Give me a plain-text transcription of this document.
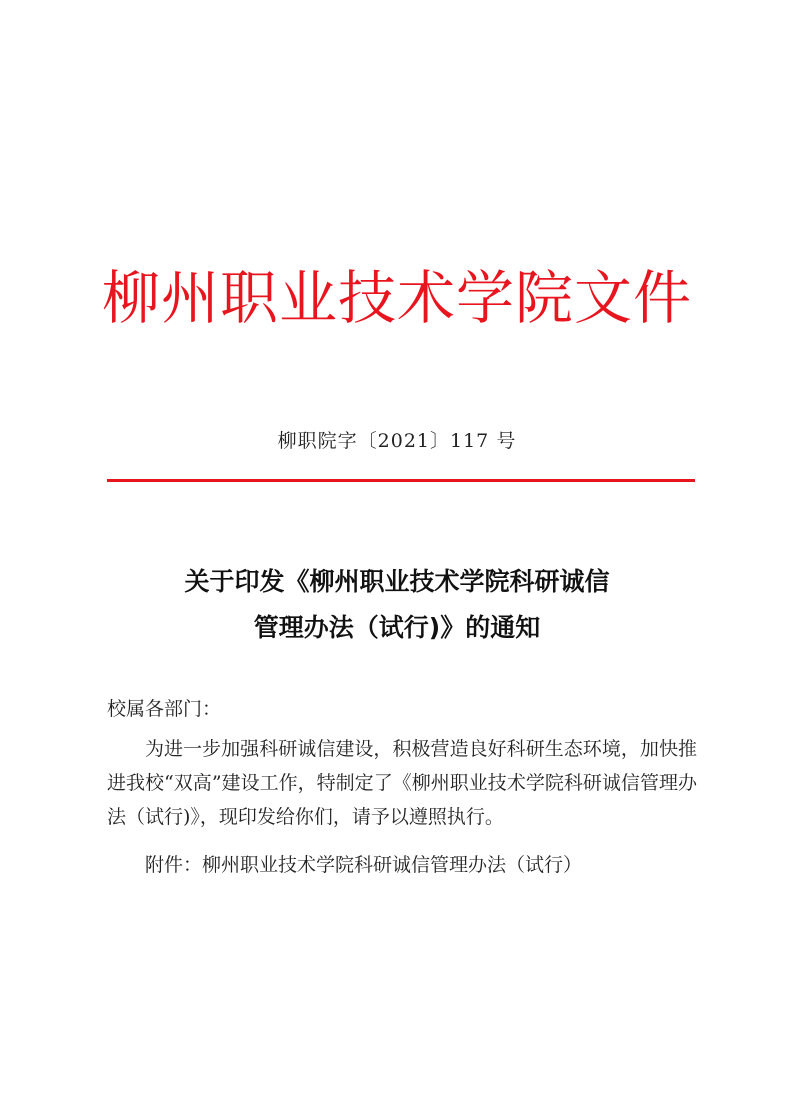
柳州职业技术学院文件
柳职院字〔2021〕117 号
关于印发《柳州职业技术学院科研诚信
管理办法（试行)》的通知

校属各部门：

为进一步加强科研诚信建设，积极营造良好科研生态环境，加快推进我校“双高”建设工作，特制定了《柳州职业技术学院科研诚信管理办法（试行)》，现印发给你们，请予以遵照执行。

附件：柳州职业技术学院科研诚信管理办法（试行）
